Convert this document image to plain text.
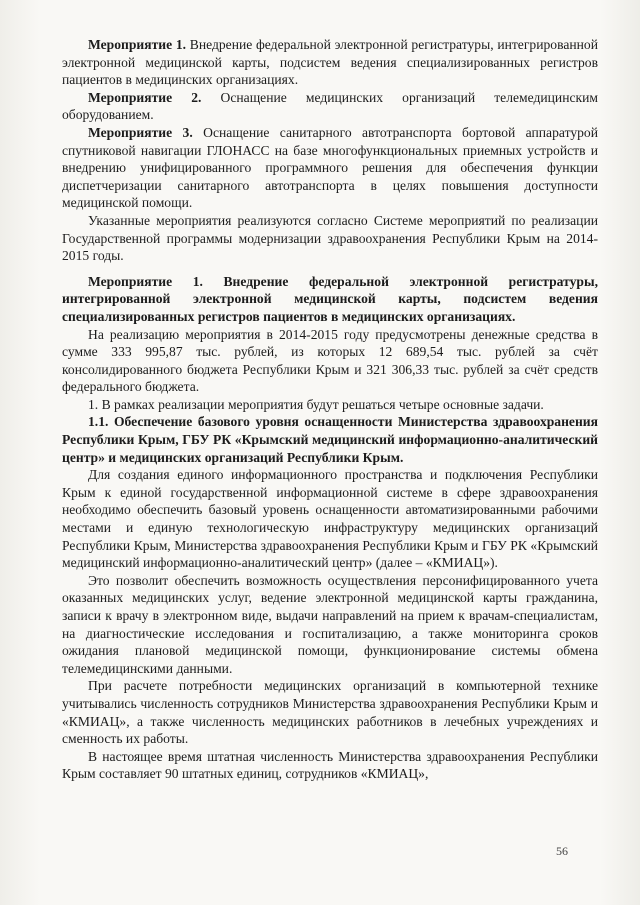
Мероприятие 1. Внедрение федеральной электронной регистратуры, интегрированной электронной медицинской карты, подсистем ведения специализированных регистров пациентов в медицинских организациях.

Мероприятие 2. Оснащение медицинских организаций телемедицинским оборудованием.

Мероприятие 3. Оснащение санитарного автотранспорта бортовой аппаратурой спутниковой навигации ГЛОНАСС на базе многофункциональных приемных устройств и внедрению унифицированного программного решения для обеспечения функции диспетчеризации санитарного автотранспорта в целях повышения доступности медицинской помощи.

Указанные мероприятия реализуются согласно Системе мероприятий по реализации Государственной программы модернизации здравоохранения Республики Крым на 2014-2015 годы.

Мероприятие 1. Внедрение федеральной электронной регистратуры, интегрированной электронной медицинской карты, подсистем ведения специализированных регистров пациентов в медицинских организациях.

На реализацию мероприятия в 2014-2015 году предусмотрены денежные средства в сумме 333 995,87 тыс. рублей, из которых 12 689,54 тыс. рублей за счёт консолидированного бюджета Республики Крым и 321 306,33 тыс. рублей за счёт средств федерального бюджета.

1. В рамках реализации мероприятия будут решаться четыре основные задачи.

1.1. Обеспечение базового уровня оснащенности Министерства здравоохранения Республики Крым, ГБУ РК «Крымский медицинский информационно-аналитический центр» и медицинских организаций Республики Крым.

Для создания единого информационного пространства и подключения Республики Крым к единой государственной информационной системе в сфере здравоохранения необходимо обеспечить базовый уровень оснащенности автоматизированными рабочими местами и единую технологическую инфраструктуру медицинских организаций Республики Крым, Министерства здравоохранения Республики Крым и ГБУ РК «Крымский медицинский информационно-аналитический центр» (далее – «КМИАЦ»).

Это позволит обеспечить возможность осуществления персонифицированного учета оказанных медицинских услуг, ведение электронной медицинской карты гражданина, записи к врачу в электронном виде, выдачи направлений на прием к врачам-специалистам, на диагностические исследования и госпитализацию, а также мониторинга сроков ожидания плановой медицинской помощи, функционирование системы обмена телемедицинскими данными.

При расчете потребности медицинских организаций в компьютерной технике учитывались численность сотрудников Министерства здравоохранения Республики Крым и «КМИАЦ», а также численность медицинских работников в лечебных учреждениях и сменность их работы.

В настоящее время штатная численность Министерства здравоохранения Республики Крым составляет 90 штатных единиц, сотрудников «КМИАЦ»,

56
